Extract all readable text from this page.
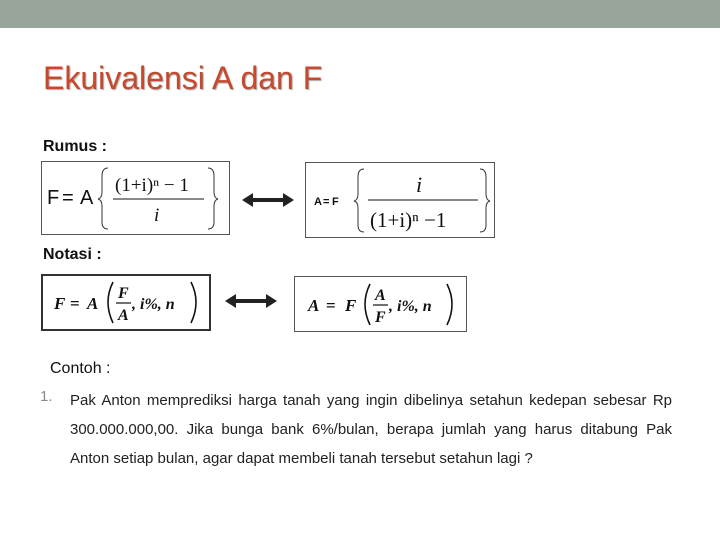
Ekuivalensi A dan F
Rumus :
F = A
(1+i)ⁿ − 1
i
A = F
i
(1+i)ⁿ −1
Notasi :
F = A
F
A
, i%, n	A = F
A
F
, i%, n
Contoh :
1. Pak Anton memprediksi harga tanah yang ingin dibelinya setahun kedepan sebesar Rp 300.000.000,00. Jika bunga bank 6%/bulan, berapa jumlah yang harus ditabung Pak Anton setiap bulan, agar dapat membeli tanah tersebut setahun lagi ?
